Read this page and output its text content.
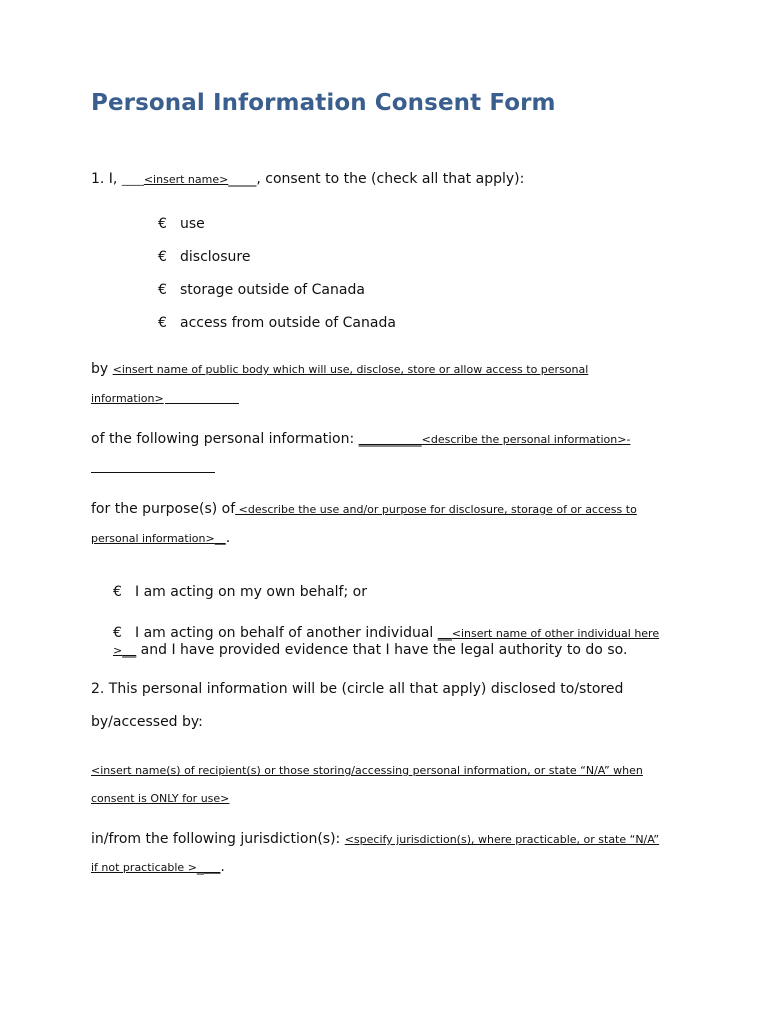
Personal Information Consent Form
1. I, ____<insert name>____, consent to the (check all that apply):
€ use
€ disclosure
€ storage outside of Canada
€ access from outside of Canada
by <insert name of public body which will use, disclose, store or allow access to personal
information>
of the following personal information: _________<describe the personal information>-
for the purpose(s) of <describe the use and/or purpose for disclosure, storage of or access to
personal information>__.
€ I am acting on my own behalf; or
€ I am acting on behalf of another individual __<insert name of other individual here
>__ and I have provided evidence that I have the legal authority to do so.
2. This personal information will be (circle all that apply) disclosed to/stored
by/accessed by:
<insert name(s) of recipient(s) or those storing/accessing personal information, or state “N/A” when
consent is ONLY for use>
in/from the following jurisdiction(s): <specify jurisdiction(s), where practicable, or state “N/A”
if not practicable >____.
